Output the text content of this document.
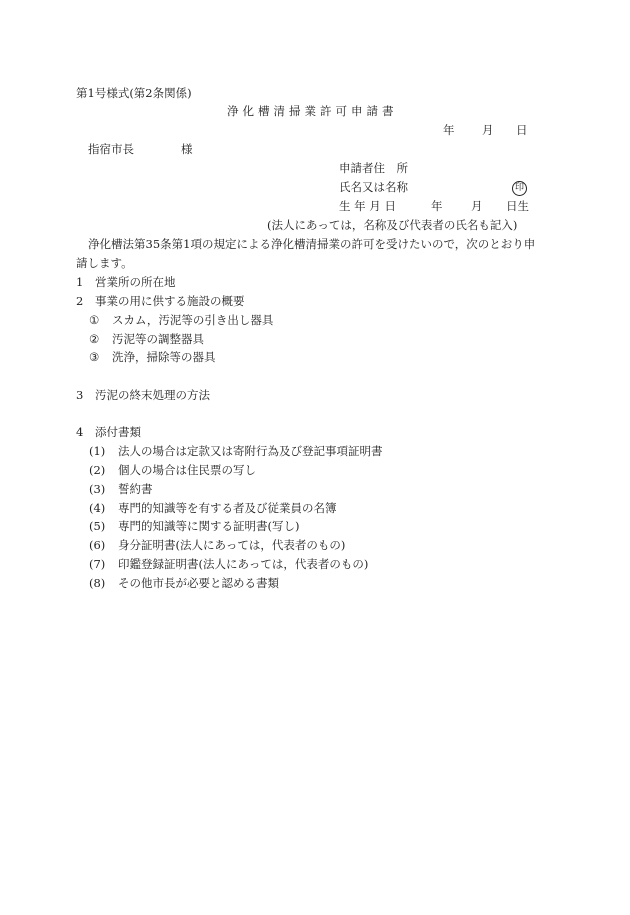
第1号様式(第2条関係)
浄化槽清掃業許可申請書
年 月 日
指宿市長	様
申請者住　所
氏名又は名称	印
生 年 月 日	年 月 日生
(法人にあっては，名称及び代表者の氏名も記入)
浄化槽法第35条第1項の規定による浄化槽清掃業の許可を受けたいので，次のとおり申
請します。
1 営業所の所在地
2 事業の用に供する施設の概要
① スカム，汚泥等の引き出し器具
② 汚泥等の調整器具
③ 洗浄，掃除等の器具
3 汚泥の終末処理の方法
4 添付書類
(1) 法人の場合は定款又は寄附行為及び登記事項証明書
(2) 個人の場合は住民票の写し
(3) 誓約書
(4) 専門的知識等を有する者及び従業員の名簿
(5) 専門的知識等に関する証明書(写し)
(6) 身分証明書(法人にあっては，代表者のもの)
(7) 印鑑登録証明書(法人にあっては，代表者のもの)
(8) その他市長が必要と認める書類
